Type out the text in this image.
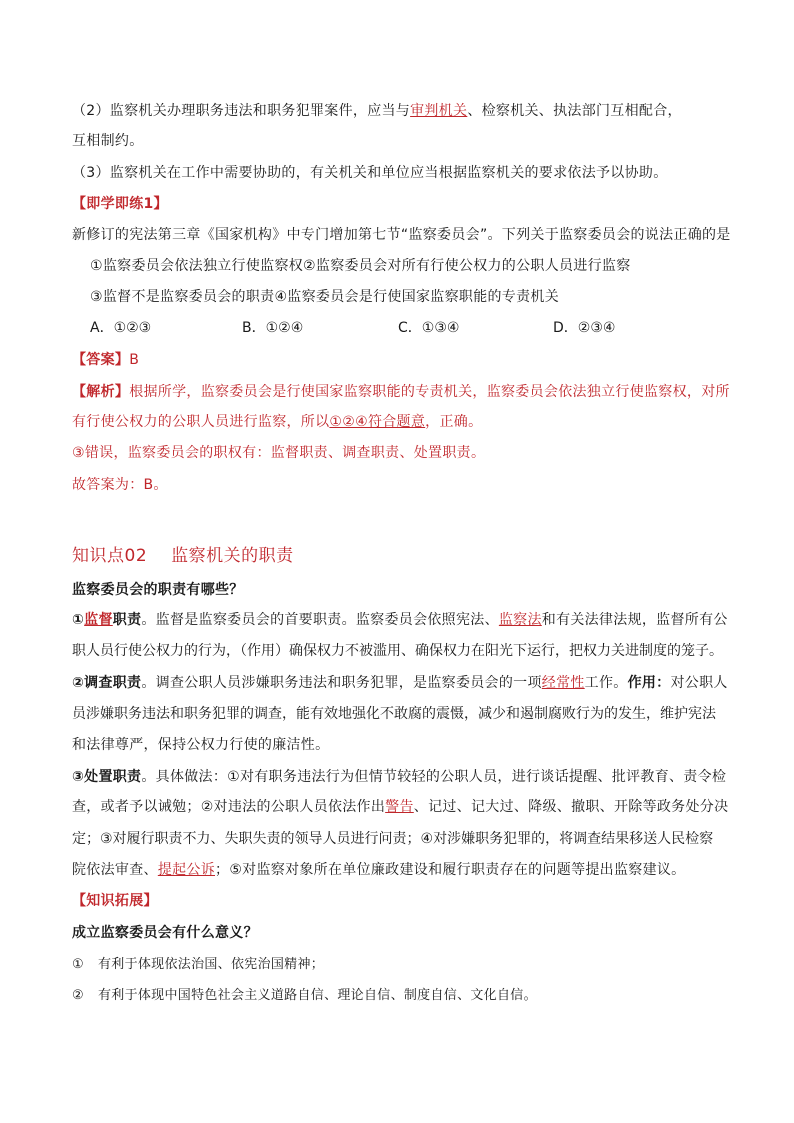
（2）监察机关办理职务违法和职务犯罪案件，应当与审判机关、检察机关、执法部门互相配合，
互相制约。
（3）监察机关在工作中需要协助的，有关机关和单位应当根据监察机关的要求依法予以协助。
【即学即练1】
新修订的宪法第三章《国家机构》中专门增加第七节“监察委员会”。下列关于监察委员会的说法正确的是
①监察委员会依法独立行使监察权②监察委员会对所有行使公权力的公职人员进行监察
③监督不是监察委员会的职责④监察委员会是行使国家监察职能的专责机关
A．①②③	B．①②④	C．①③④	D．②③④
【答案】B
【解析】根据所学，监察委员会是行使国家监察职能的专责机关，监察委员会依法独立行使监察权，对所
有行使公权力的公职人员进行监察，所以①②④符合题意，正确。
③错误，监察委员会的职权有：监督职责、调查职责、处置职责。
故答案为：B。
知识点02 监察机关的职责
监察委员会的职责有哪些？
①监督职责。监督是监察委员会的首要职责。监察委员会依照宪法、监察法和有关法律法规，监督所有公
职人员行使公权力的行为，（作用）确保权力不被滥用、确保权力在阳光下运行，把权力关进制度的笼子。
②调查职责。调查公职人员涉嫌职务违法和职务犯罪，是监察委员会的一项经常性工作。作用：对公职人
员涉嫌职务违法和职务犯罪的调查，能有效地强化不敢腐的震慑，减少和遏制腐败行为的发生，维护宪法
和法律尊严，保持公权力行使的廉洁性。
③处置职责。具体做法：①对有职务违法行为但情节较轻的公职人员，进行谈话提醒、批评教育、责令检
查，或者予以诫勉；②对违法的公职人员依法作出警告、记过、记大过、降级、撤职、开除等政务处分决
定；③对履行职责不力、失职失责的领导人员进行问责；④对涉嫌职务犯罪的，将调查结果移送人民检察
院依法审查、提起公诉；⑤对监察对象所在单位廉政建设和履行职责存在的问题等提出监察建议。
【知识拓展】
成立监察委员会有什么意义？
① 有利于体现依法治国、依宪治国精神；
② 有利于体现中国特色社会主义道路自信、理论自信、制度自信、文化自信。
